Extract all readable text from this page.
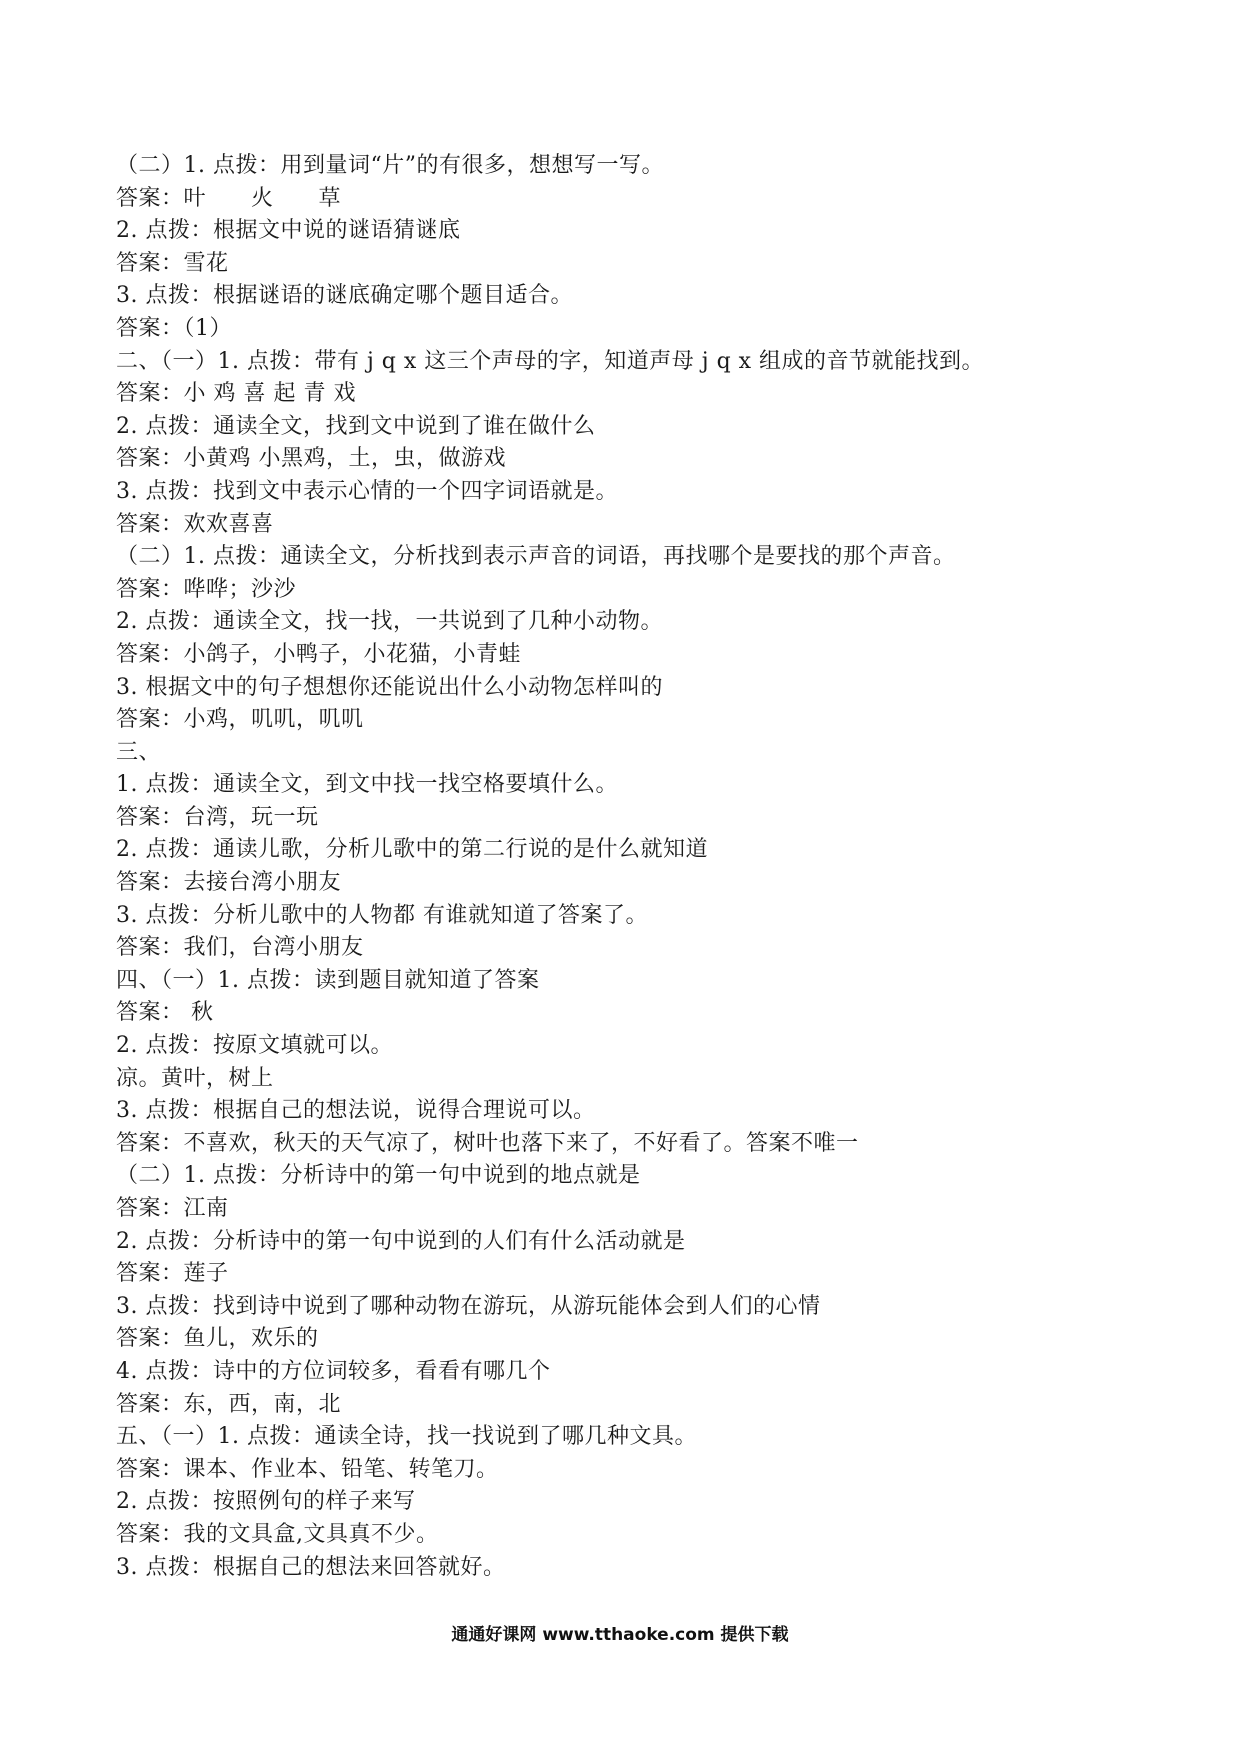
（二）1. 点拨：用到量词“片”的有很多，想想写一写。
答案：叶　　火　　草
2. 点拨：根据文中说的谜语猜谜底
答案：雪花
3. 点拨：根据谜语的谜底确定哪个题目适合。
答案：（1）
二、（一）1. 点拨：带有 j q x 这三个声母的字，知道声母 j q x 组成的音节就能找到。
答案：小 鸡 喜 起 青 戏
2. 点拨：通读全文，找到文中说到了谁在做什么
答案：小黄鸡 小黑鸡，土，虫，做游戏
3. 点拨：找到文中表示心情的一个四字词语就是。
答案：欢欢喜喜
（二）1. 点拨：通读全文，分析找到表示声音的词语，再找哪个是要找的那个声音。
答案：哗哗；沙沙
2. 点拨：通读全文，找一找，一共说到了几种小动物。
答案：小鸽子，小鸭子，小花猫，小青蛙
3. 根据文中的句子想想你还能说出什么小动物怎样叫的
答案：小鸡，叽叽，叽叽
三、
1. 点拨：通读全文，到文中找一找空格要填什么。
答案：台湾，玩一玩
2. 点拨：通读儿歌，分析儿歌中的第二行说的是什么就知道
答案：去接台湾小朋友
3. 点拨：分析儿歌中的人物都 有谁就知道了答案了。
答案：我们，台湾小朋友
四、（一）1. 点拨：读到题目就知道了答案
答案： 秋
2. 点拨：按原文填就可以。
凉。黄叶，树上
3. 点拨：根据自己的想法说，说得合理说可以。
答案：不喜欢，秋天的天气凉了，树叶也落下来了，不好看了。答案不唯一
（二）1. 点拨：分析诗中的第一句中说到的地点就是
答案：江南
2. 点拨：分析诗中的第一句中说到的人们有什么活动就是
答案：莲子
3. 点拨：找到诗中说到了哪种动物在游玩，从游玩能体会到人们的心情
答案：鱼儿，欢乐的
4. 点拨：诗中的方位词较多，看看有哪几个
答案：东，西，南，北
五、（一）1. 点拨：通读全诗，找一找说到了哪几种文具。
答案：课本、作业本、铅笔、转笔刀。
2. 点拨：按照例句的样子来写
答案：我的文具盒,文具真不少。
3. 点拨：根据自己的想法来回答就好。
通通好课网 www.tthaoke.com 提供下载
